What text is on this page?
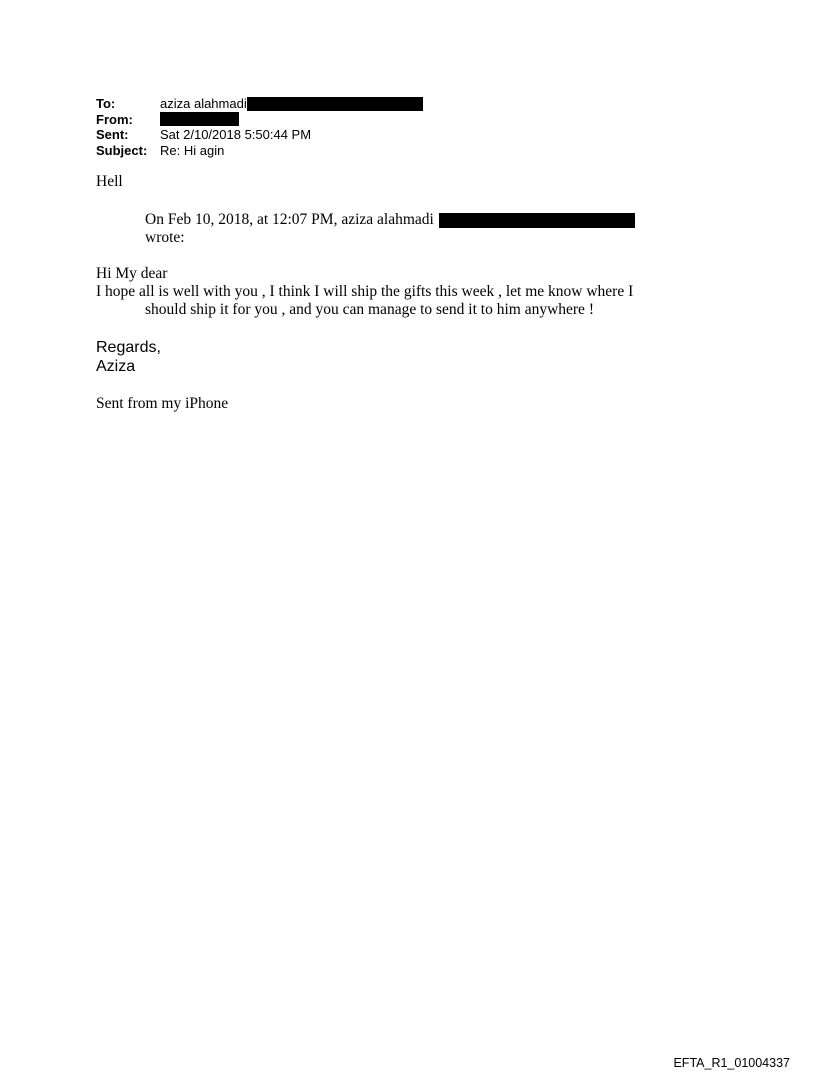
To:	aziza alahmadi
From:
Sent:	Sat 2/10/2018 5:50:44 PM
Subject: Re: Hi agin
Hell
On Feb 10, 2018, at 12:07 PM, aziza alahmadi
wrote:
Hi My dear
I hope all is well with you , I think I will ship the gifts this week , let me know where I
should ship it for you , and you can manage to send it to him anywhere !
Regards,
Aziza
Sent from my iPhone
EFTA_R1_01004337
